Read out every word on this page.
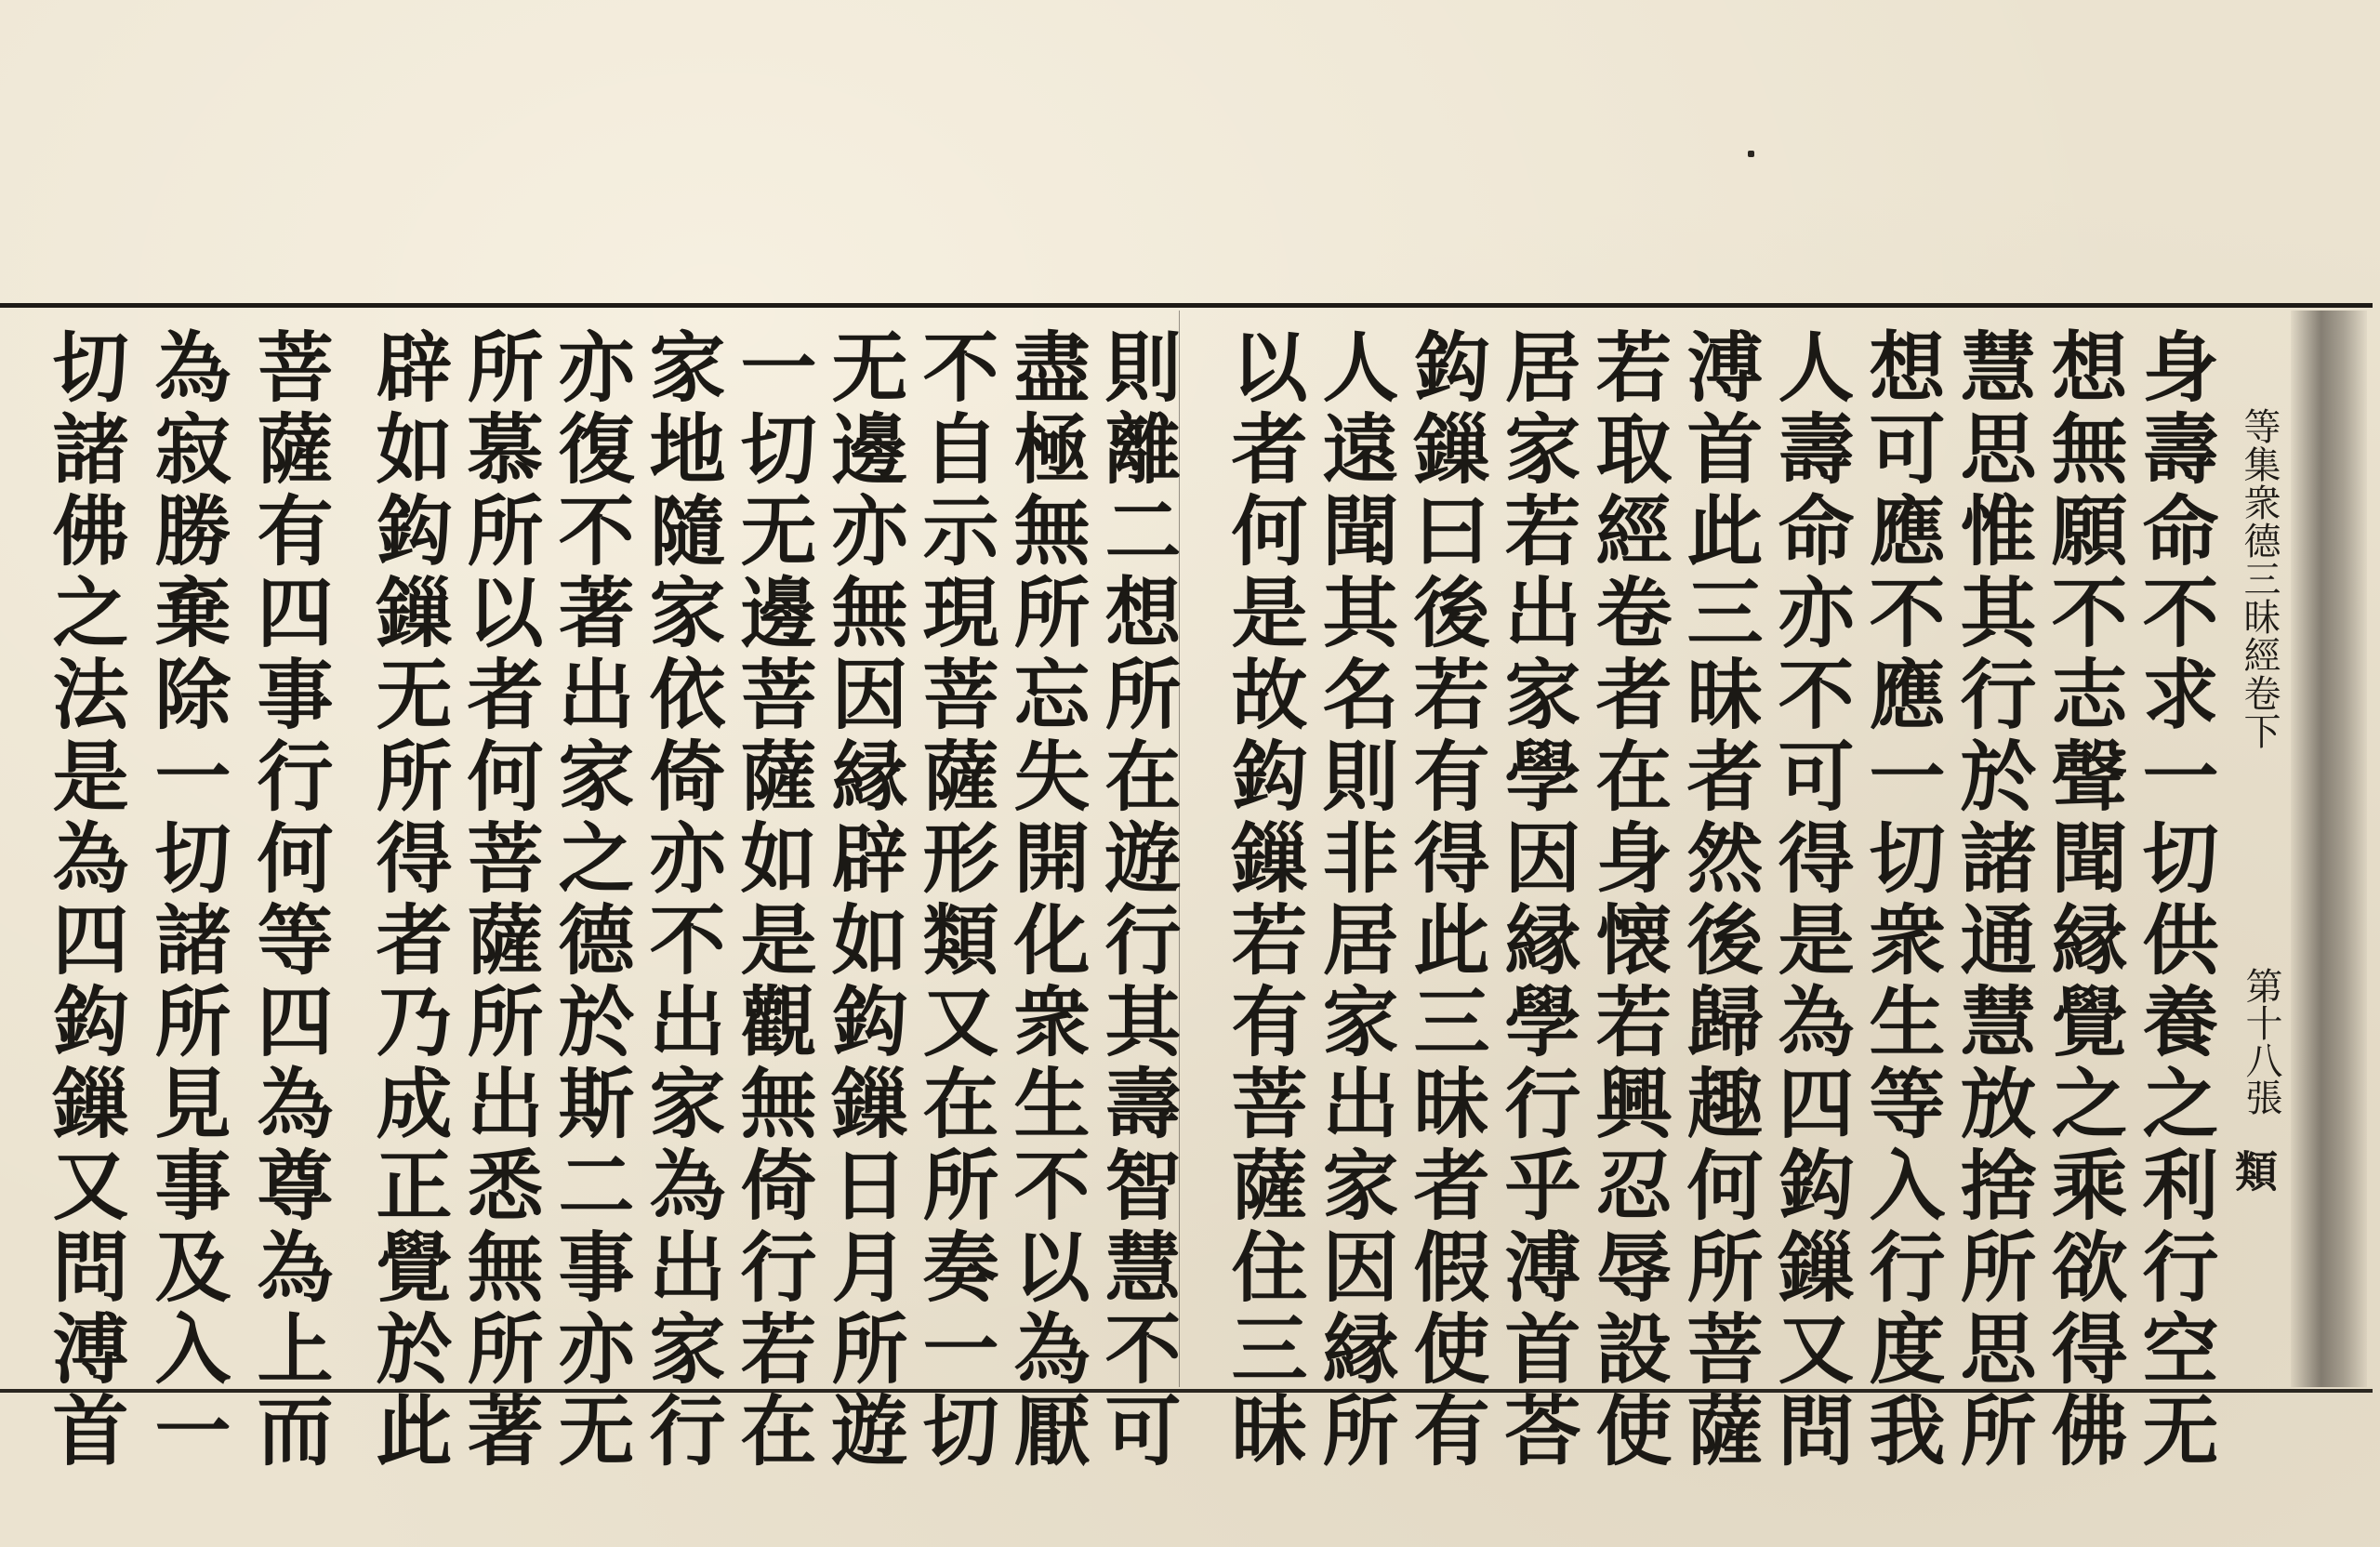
等集衆德三昧經卷下
第十八張
類
身壽命不求一切供養之利行空无
想無願不志聲聞縁覺之乘欲得佛
慧思惟其行於諸通慧放捨所思所
想可應不應一切衆生等入行度我
人壽命亦不可得是為四鈎鏁又問
溥首此三昧者然後歸趣何所菩薩
若取經卷者在身懐若興忍辱設使
居家若出家學因縁學行乎溥首荅
鈎鏁曰後若有得此三昧者假使有
人遠聞其名則非居家出家因縁所
以者何是故鈎鏁若有菩薩住三昧
則離二想所在遊行其壽智慧不可
盡極無所忘失開化衆生不以為厭
不自示現菩薩形類又在所奏一切
无邊亦無因縁辟如鈎鏁日月所遊
一切无邊菩薩如是觀無倚行若在
家地隨家依倚亦不出家為出家行
亦復不著出家之德於斯二事亦无
所慕所以者何菩薩所出悉無所著
辟如鈎鏁无所得者乃成正覺於此
菩薩有四事行何等四為尊為上而
為寂勝棄除一切諸所見事及入一
切諸佛之法是為四鈎鏁又問溥首
